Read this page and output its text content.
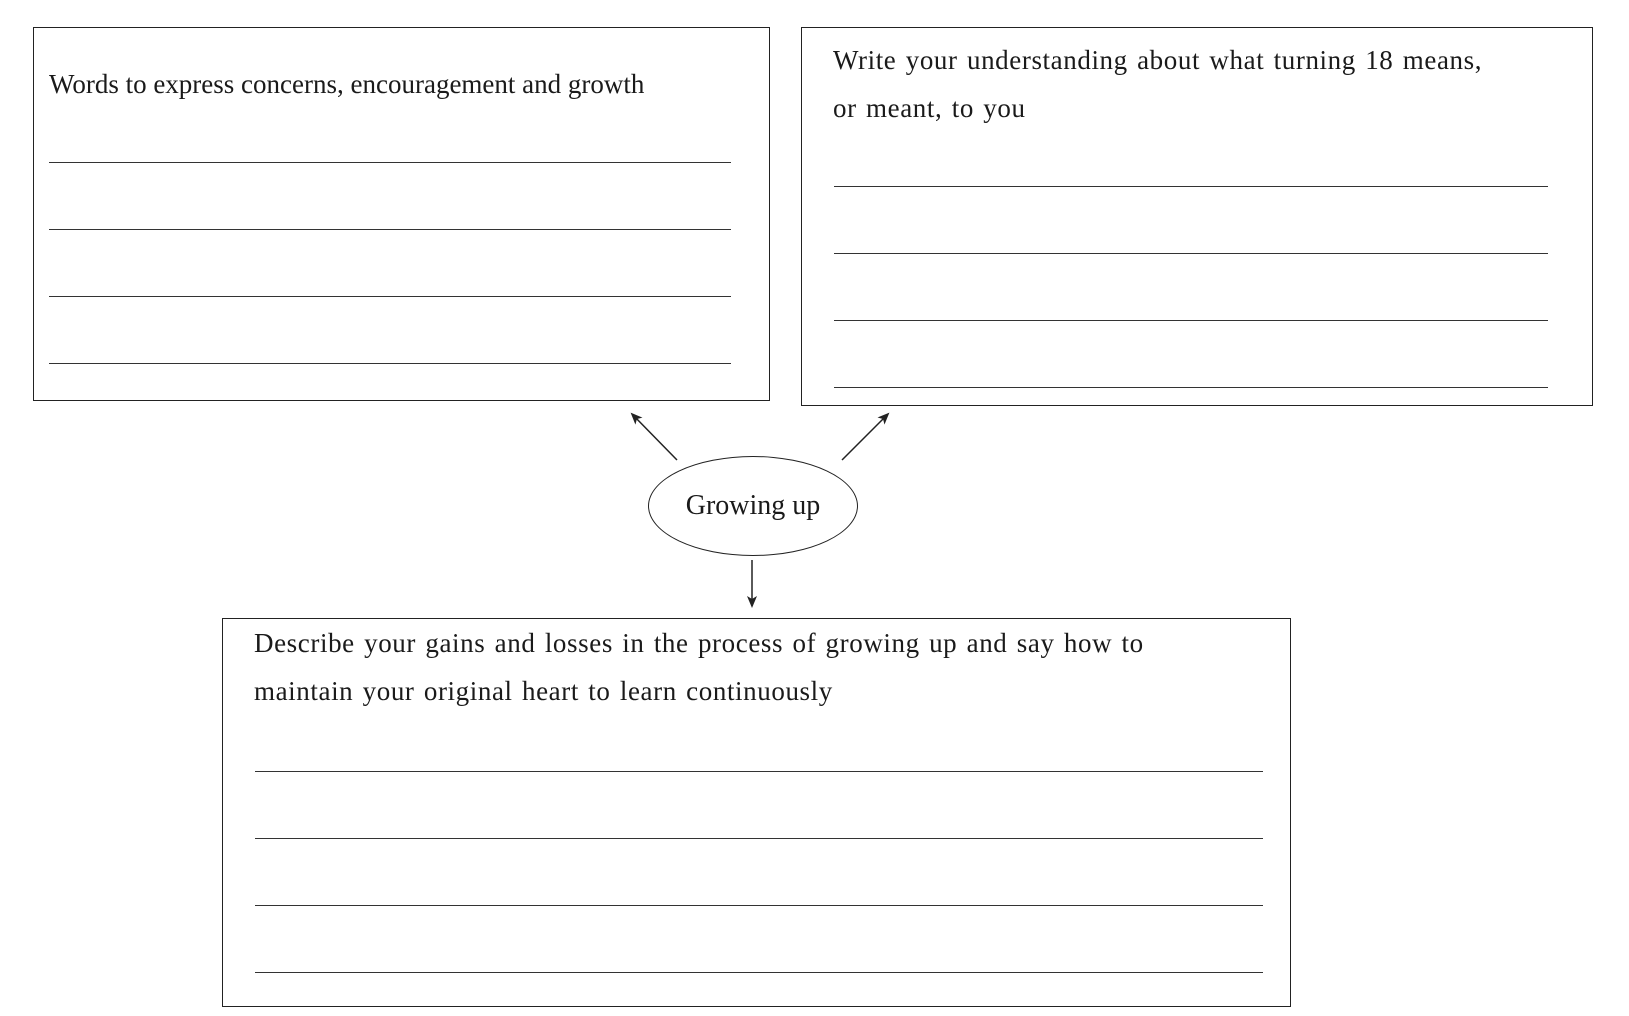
Words to express concerns, encouragement and growth

Write your understanding about what turning 18 means,

or meant, to you

Growing up

Describe your gains and losses in the process of growing up and say how to

maintain your original heart to learn continuously
